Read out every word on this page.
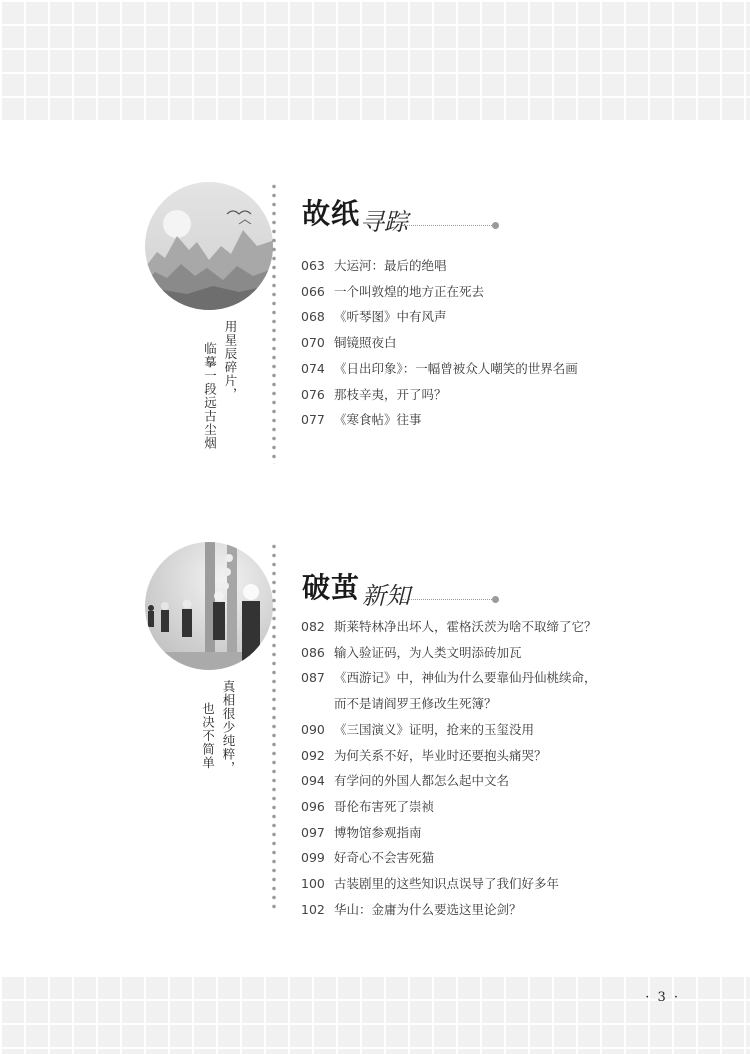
用星辰碎片，
临摹一段远古尘烟
故纸 寻踪
063 大运河：最后的绝唱
066 一个叫敦煌的地方正在死去
068 《听琴图》中有风声
070 铜镜照夜白
074 《日出印象》：一幅曾被众人嘲笑的世界名画
076 那枝辛夷，开了吗？
077 《寒食帖》往事
真相很少纯粹，
也决不简单
破茧 新知
082 斯莱特林净出坏人，霍格沃茨为啥不取缔了它？
086 输入验证码，为人类文明添砖加瓦
087 《西游记》中，神仙为什么要靠仙丹仙桃续命，
而不是请阎罗王修改生死簿？
090 《三国演义》证明，抢来的玉玺没用
092 为何关系不好，毕业时还要抱头痛哭？
094 有学问的外国人都怎么起中文名
096 哥伦布害死了崇祯
097 博物馆参观指南
099 好奇心不会害死猫
100 古装剧里的这些知识点误导了我们好多年
102 华山：金庸为什么要选这里论剑？
· 3 ·
